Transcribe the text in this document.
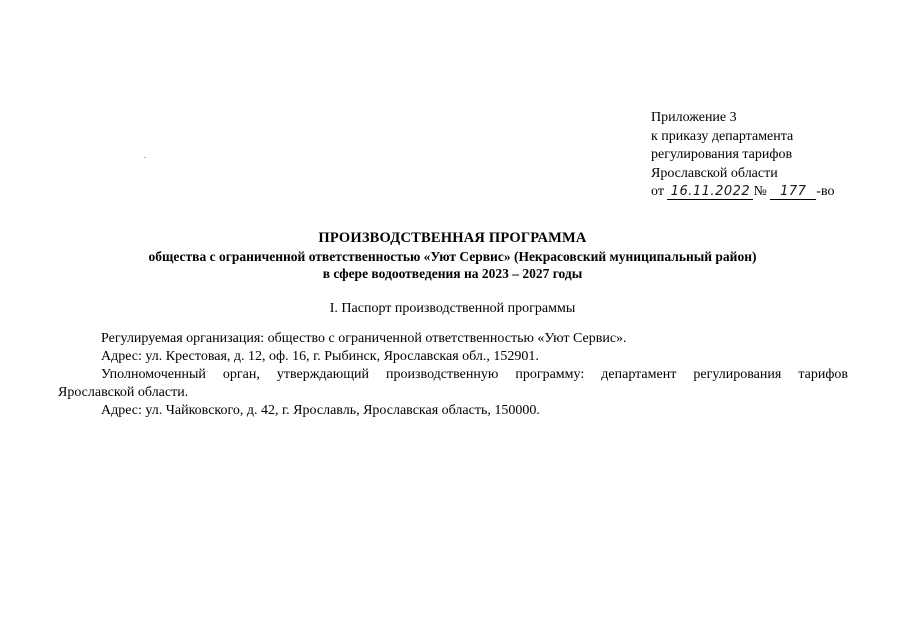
Приложение 3
к приказу департамента
регулирования тарифов
Ярославской области
от 16.11.2022 № 177 -во
ПРОИЗВОДСТВЕННАЯ ПРОГРАММА
общества с ограниченной ответственностью «Уют Сервис» (Некрасовский муниципальный район)
в сфере водоотведения на 2023 – 2027 годы
I. Паспорт производственной программы

Регулируемая организация: общество с ограниченной ответственностью «Уют Сервис».

Адрес: ул. Крестовая, д. 12, оф. 16, г. Рыбинск, Ярославская обл., 152901.

Уполномоченный орган, утверждающий производственную программу: департамент регулирования тарифов

Ярославской области.

Адрес: ул. Чайковского, д. 42, г. Ярославль, Ярославская область, 150000.
